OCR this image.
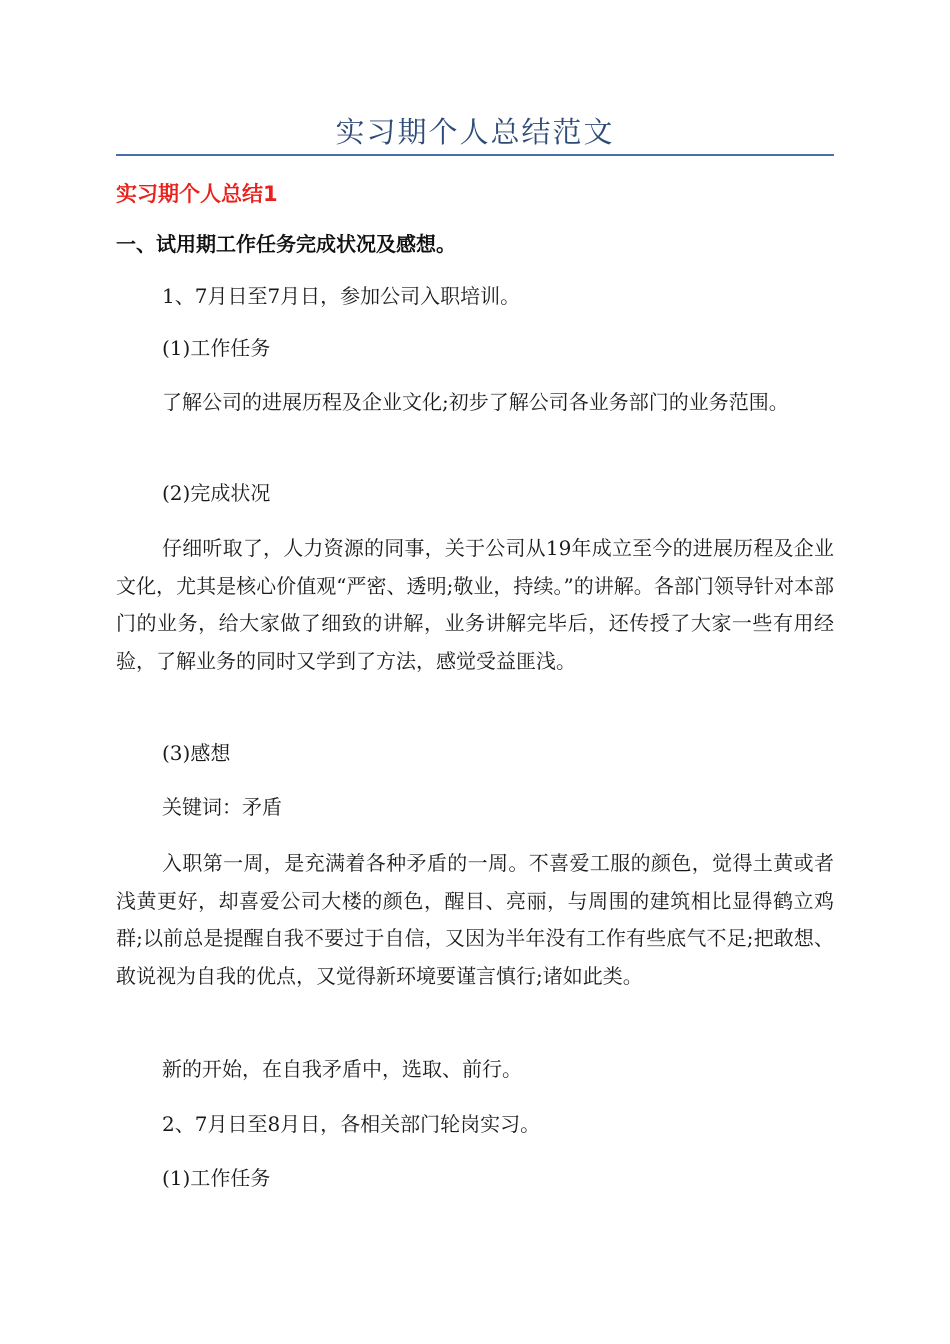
实习期个人总结范文
实习期个人总结1
一、试用期工作任务完成状况及感想。

1、7月日至7月日，参加公司入职培训。

(1)工作任务

了解公司的进展历程及企业文化;初步了解公司各业务部门的业务范围。

(2)完成状况

仔细听取了，人力资源的同事，关于公司从19年成立至今的进展历程及企业文化，尤其是核心价值观“严密、透明;敬业，持续。”的讲解。各部门领导针对本部门的业务，给大家做了细致的讲解，业务讲解完毕后，还传授了大家一些有用经验，了解业务的同时又学到了方法，感觉受益匪浅。

(3)感想

关键词：矛盾

入职第一周，是充满着各种矛盾的一周。不喜爱工服的颜色，觉得土黄或者浅黄更好，却喜爱公司大楼的颜色，醒目、亮丽，与周围的建筑相比显得鹤立鸡群;以前总是提醒自我不要过于自信，又因为半年没有工作有些底气不足;把敢想、敢说视为自我的优点，又觉得新环境要谨言慎行;诸如此类。

新的开始，在自我矛盾中，选取、前行。

2、7月日至8月日，各相关部门轮岗实习。

(1)工作任务
